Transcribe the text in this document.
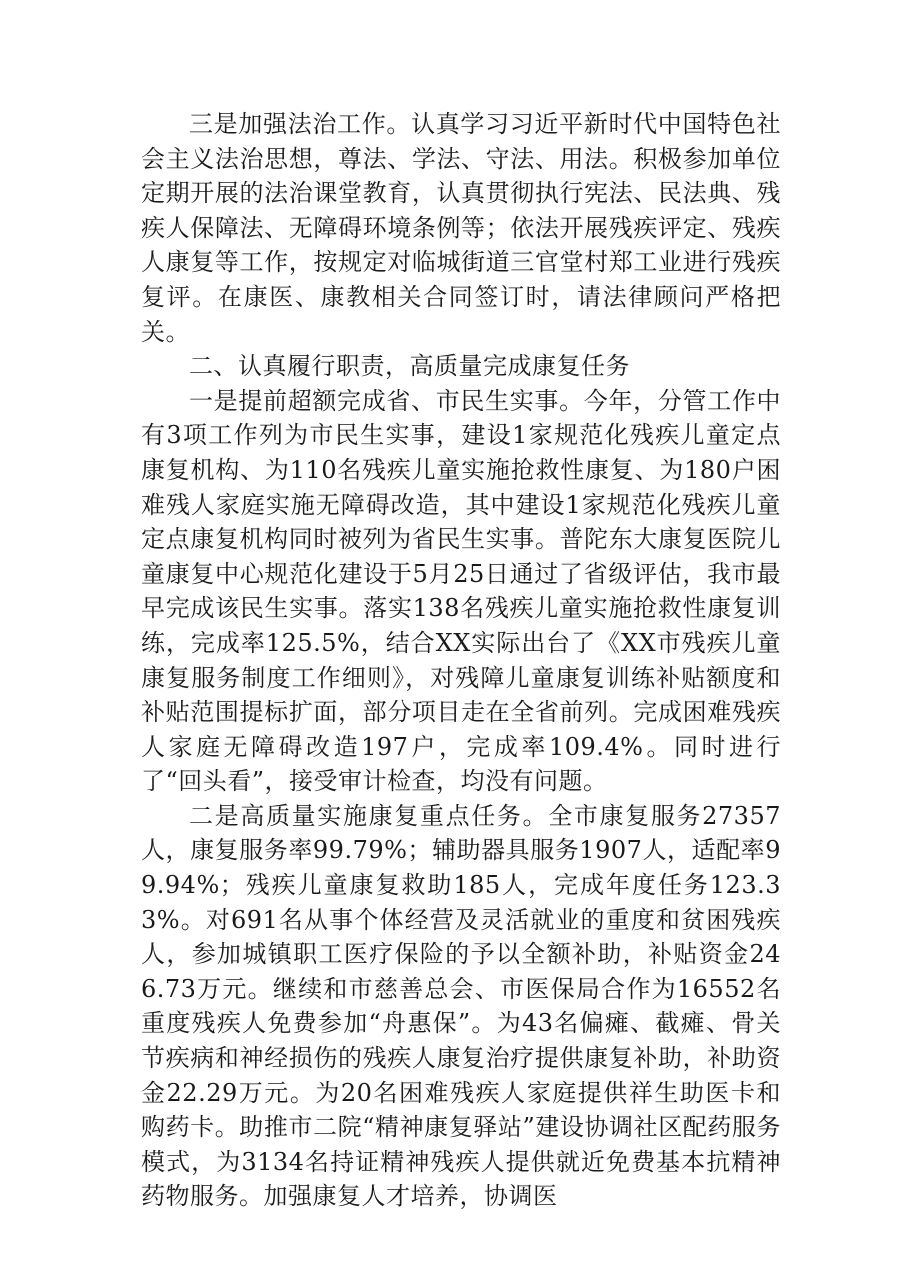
三是加强法治工作。认真学习习近平新时代中国特色社会主义法治思想，尊法、学法、守法、用法。积极参加单位定期开展的法治课堂教育，认真贯彻执行宪法、民法典、残疾人保障法、无障碍环境条例等；依法开展残疾评定、残疾人康复等工作，按规定对临城街道三官堂村郑工业进行残疾复评。在康医、康教相关合同签订时，请法律顾问严格把关。

二、认真履行职责，高质量完成康复任务

一是提前超额完成省、市民生实事。今年，分管工作中有3项工作列为市民生实事，建设1家规范化残疾儿童定点康复机构、为110名残疾儿童实施抢救性康复、为180户困难残人家庭实施无障碍改造，其中建设1家规范化残疾儿童定点康复机构同时被列为省民生实事。普陀东大康复医院儿童康复中心规范化建设于5月25日通过了省级评估，我市最早完成该民生实事。落实138名残疾儿童实施抢救性康复训练，完成率125.5%，结合XX实际出台了《XX市残疾儿童康复服务制度工作细则》，对残障儿童康复训练补贴额度和补贴范围提标扩面，部分项目走在全省前列。完成困难残疾人家庭无障碍改造197户，完成率109.4%。同时进行了“回头看”，接受审计检查，均没有问题。

二是高质量实施康复重点任务。全市康复服务27357人，康复服务率99.79%；辅助器具服务1907人，适配率99.94%；残疾儿童康复救助185人，完成年度任务123.33%。对691名从事个体经营及灵活就业的重度和贫困残疾人，参加城镇职工医疗保险的予以全额补助，补贴资金246.73万元。继续和市慈善总会、市医保局合作为16552名重度残疾人免费参加“舟惠保”。为43名偏瘫、截瘫、骨关节疾病和神经损伤的残疾人康复治疗提供康复补助，补助资金22.29万元。为20名困难残疾人家庭提供祥生助医卡和购药卡。助推市二院“精神康复驿站”建设协调社区配药服务模式，为3134名持证精神残疾人提供就近免费基本抗精神药物服务。加强康复人才培养，协调医
